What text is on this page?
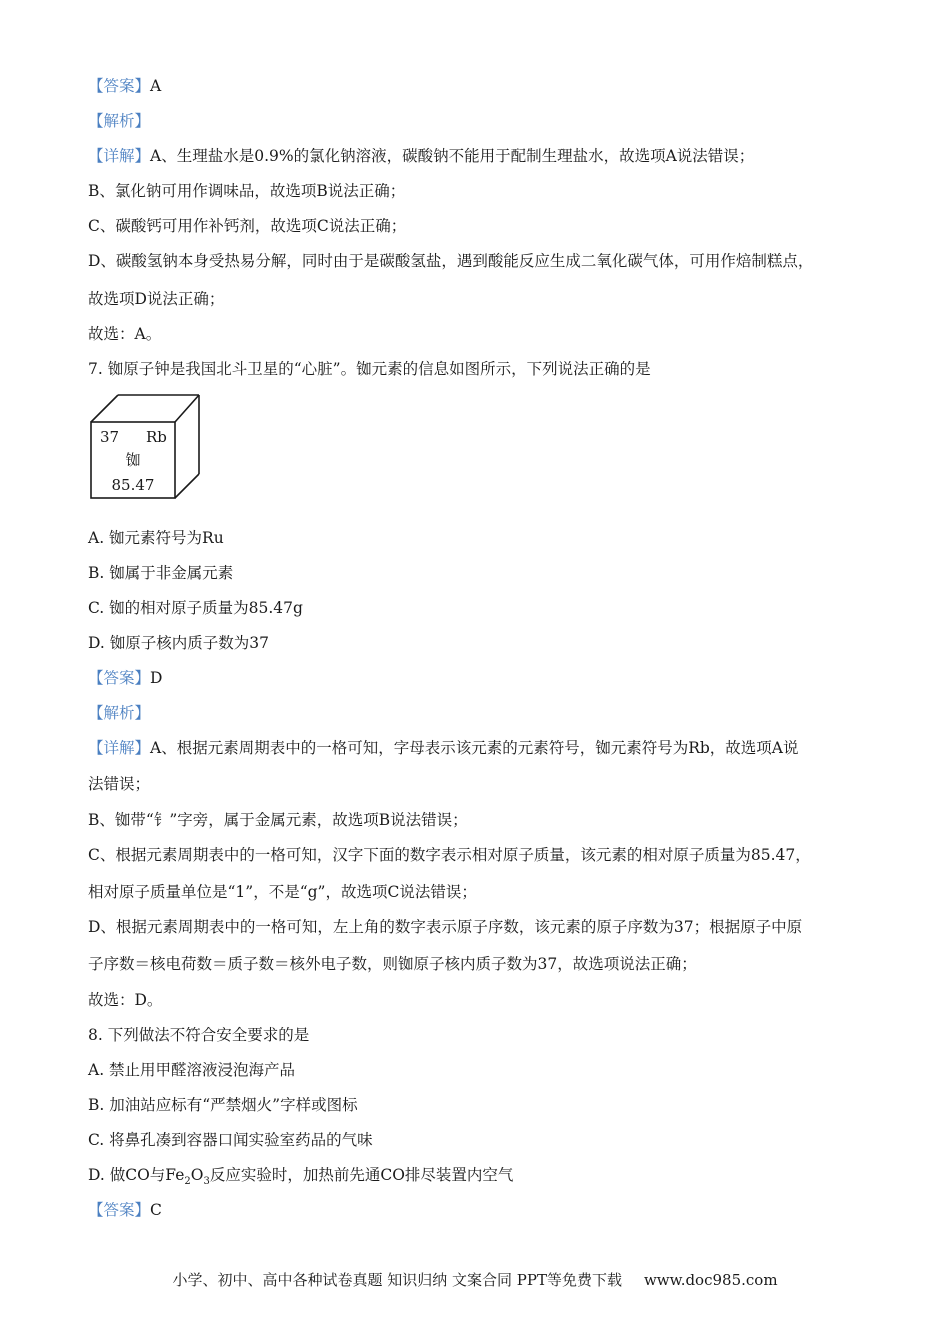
【答案】A
【解析】
【详解】A、生理盐水是0.9%的氯化钠溶液，碳酸钠不能用于配制生理盐水，故选项A说法错误；
B、氯化钠可用作调味品，故选项B说法正确；
C、碳酸钙可用作补钙剂，故选项C说法正确；
D、碳酸氢钠本身受热易分解，同时由于是碳酸氢盐，遇到酸能反应生成二氧化碳气体，可用作焙制糕点，
故选项D说法正确；
故选：A。
7. 铷原子钟是我国北斗卫星的“心脏”。铷元素的信息如图所示，下列说法正确的是
37 Rb
铷
85.47
A. 铷元素符号为Ru
B. 铷属于非金属元素
C. 铷的相对原子质量为85.47g
D. 铷原子核内质子数为37
【答案】D
【解析】
【详解】A、根据元素周期表中的一格可知，字母表示该元素的元素符号，铷元素符号为Rb，故选项A说
法错误；
B、铷带“钅”字旁，属于金属元素，故选项B说法错误；
C、根据元素周期表中的一格可知，汉字下面的数字表示相对原子质量，该元素的相对原子质量为85.47，
相对原子质量单位是“1”，不是“g”，故选项C说法错误；
D、根据元素周期表中的一格可知，左上角的数字表示原子序数，该元素的原子序数为37；根据原子中原
子序数＝核电荷数＝质子数＝核外电子数，则铷原子核内质子数为37，故选项说法正确；
故选：D。
8. 下列做法不符合安全要求的是
A. 禁止用甲醛溶液浸泡海产品
B. 加油站应标有“严禁烟火”字样或图标
C. 将鼻孔凑到容器口闻实验室药品的气味
D. 做CO与$Fe_2O_3$反应实验时，加热前先通CO排尽装置内空气
【答案】C
小学、初中、高中各种试卷真题 知识归纳 文案合同 PPT等免费下载 www.doc985.com
